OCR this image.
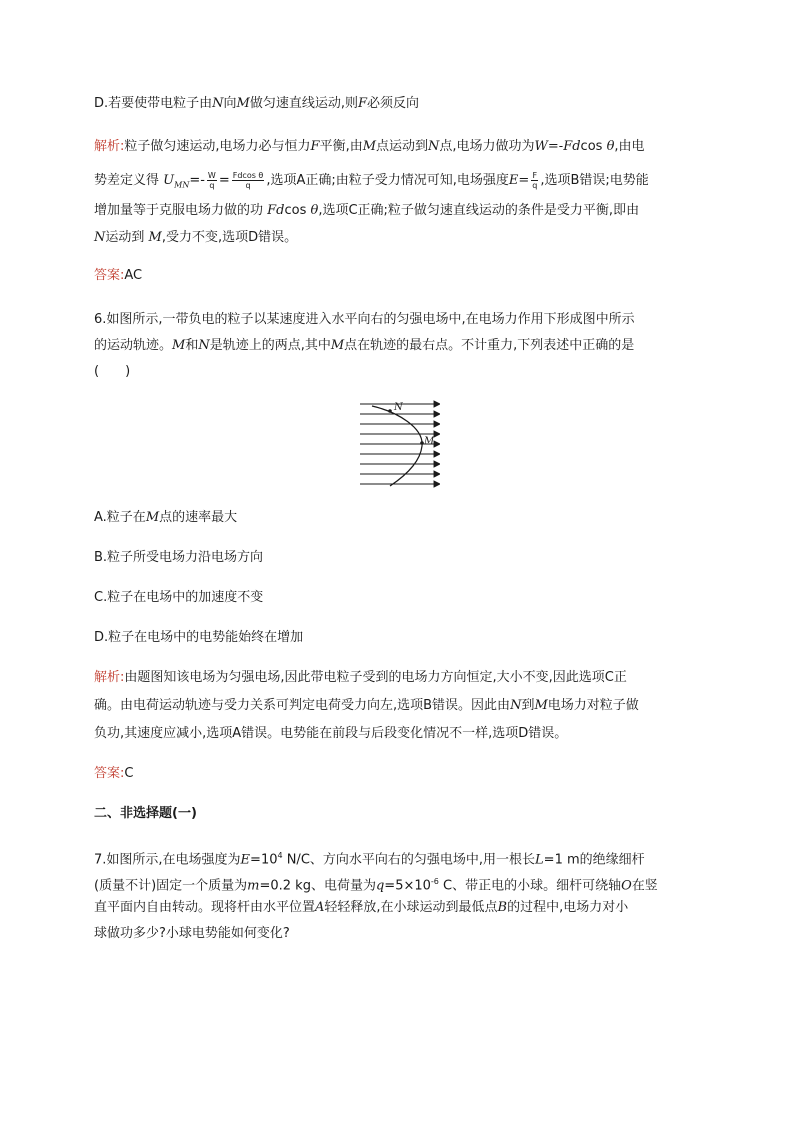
D.若要使带电粒子由N向M做匀速直线运动,则F必须反向
解析:粒子做匀速运动,电场力必与恒力F平衡,由M点运动到N点,电场力做功为W=-Fdcos θ,由电
势差定义得 $U_{MN}=- \frac{W}{q} = \frac{\text{Fdcos θ}}{q}$ ,选项A正确;由粒子受力情况可知,电场强度$E= \frac{F}{q}$ ,选项B错误;电势能
增加量等于克服电场力做的功 Fdcos θ,选项C正确;粒子做匀速直线运动的条件是受力平衡,即由
N运动到 M,受力不变,选项D错误。
答案:AC
6.如图所示,一带负电的粒子以某速度进入水平向右的匀强电场中,在电场力作用下形成图中所示
的运动轨迹。M和N是轨迹上的两点,其中M点在轨迹的最右点。不计重力,下列表述中正确的是
(　　)
N
M
A.粒子在M点的速率最大
B.粒子所受电场力沿电场方向
C.粒子在电场中的加速度不变
D.粒子在电场中的电势能始终在增加
解析:由题图知该电场为匀强电场,因此带电粒子受到的电场力方向恒定,大小不变,因此选项C正
确。由电荷运动轨迹与受力关系可判定电荷受力向左,选项B错误。因此由N到M电场力对粒子做
负功,其速度应减小,选项A错误。电势能在前段与后段变化情况不一样,选项D错误。
答案:C
二、非选择题(一)
7.如图所示,在电场强度为$E=10^4$ N/C、方向水平向右的匀强电场中,用一根长L=1 m的绝缘细杆
(质量不计)固定一个质量为m=0.2 kg、电荷量为$q=5\times 10^{-6}$ C、带正电的小球。细杆可绕轴O在竖
直平面内自由转动。现将杆由水平位置A轻轻释放,在小球运动到最低点B的过程中,电场力对小
球做功多少?小球电势能如何变化?
